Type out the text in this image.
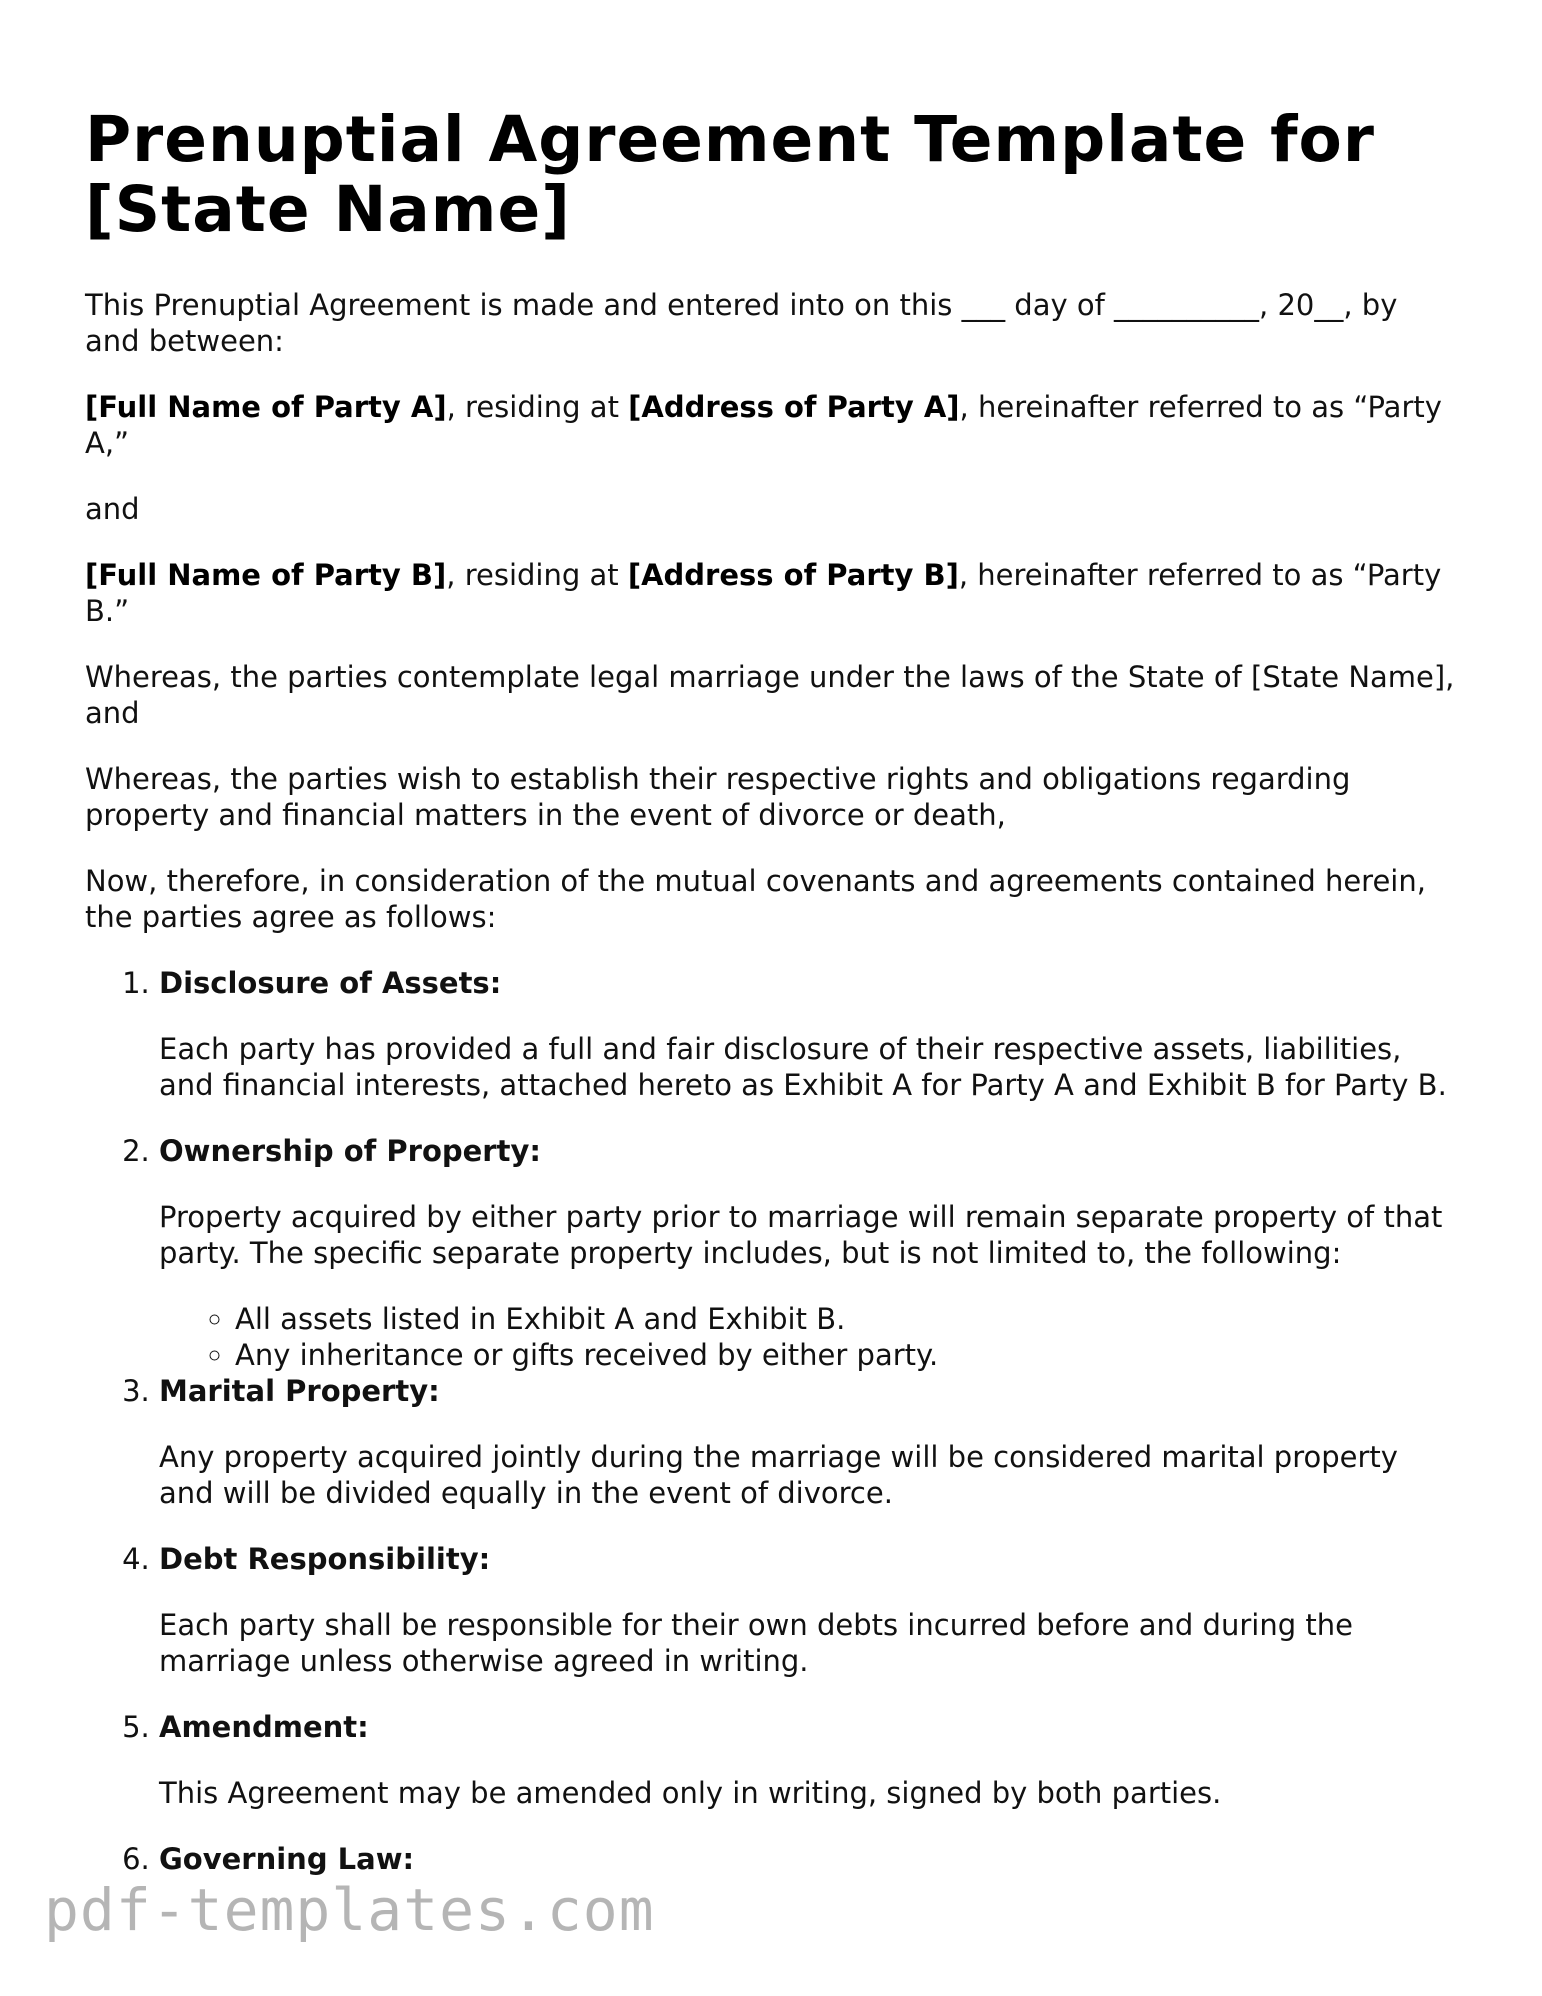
Prenuptial Agreement Template for [State Name]

This Prenuptial Agreement is made and entered into on this ___ day of __________, 20__, by and between:

[Full Name of Party A], residing at [Address of Party A], hereinafter referred to as “Party A,”

and

[Full Name of Party B], residing at [Address of Party B], hereinafter referred to as “Party B.”

Whereas, the parties contemplate legal marriage under the laws of the State of [State Name], and

Whereas, the parties wish to establish their respective rights and obligations regarding property and financial matters in the event of divorce or death,

Now, therefore, in consideration of the mutual covenants and agreements contained herein, the parties agree as follows:

1. Disclosure of Assets:

Each party has provided a full and fair disclosure of their respective assets, liabilities, and financial interests, attached hereto as Exhibit A for Party A and Exhibit B for Party B.

2. Ownership of Property:

Property acquired by either party prior to marriage will remain separate property of that party. The specific separate property includes, but is not limited to, the following:

◦ All assets listed in Exhibit A and Exhibit B.
◦ Any inheritance or gifts received by either party.
3. Marital Property:

Any property acquired jointly during the marriage will be considered marital property and will be divided equally in the event of divorce.

4. Debt Responsibility:

Each party shall be responsible for their own debts incurred before and during the marriage unless otherwise agreed in writing.

5. Amendment:

This Agreement may be amended only in writing, signed by both parties.

6. Governing Law:
pdf-templates.com
